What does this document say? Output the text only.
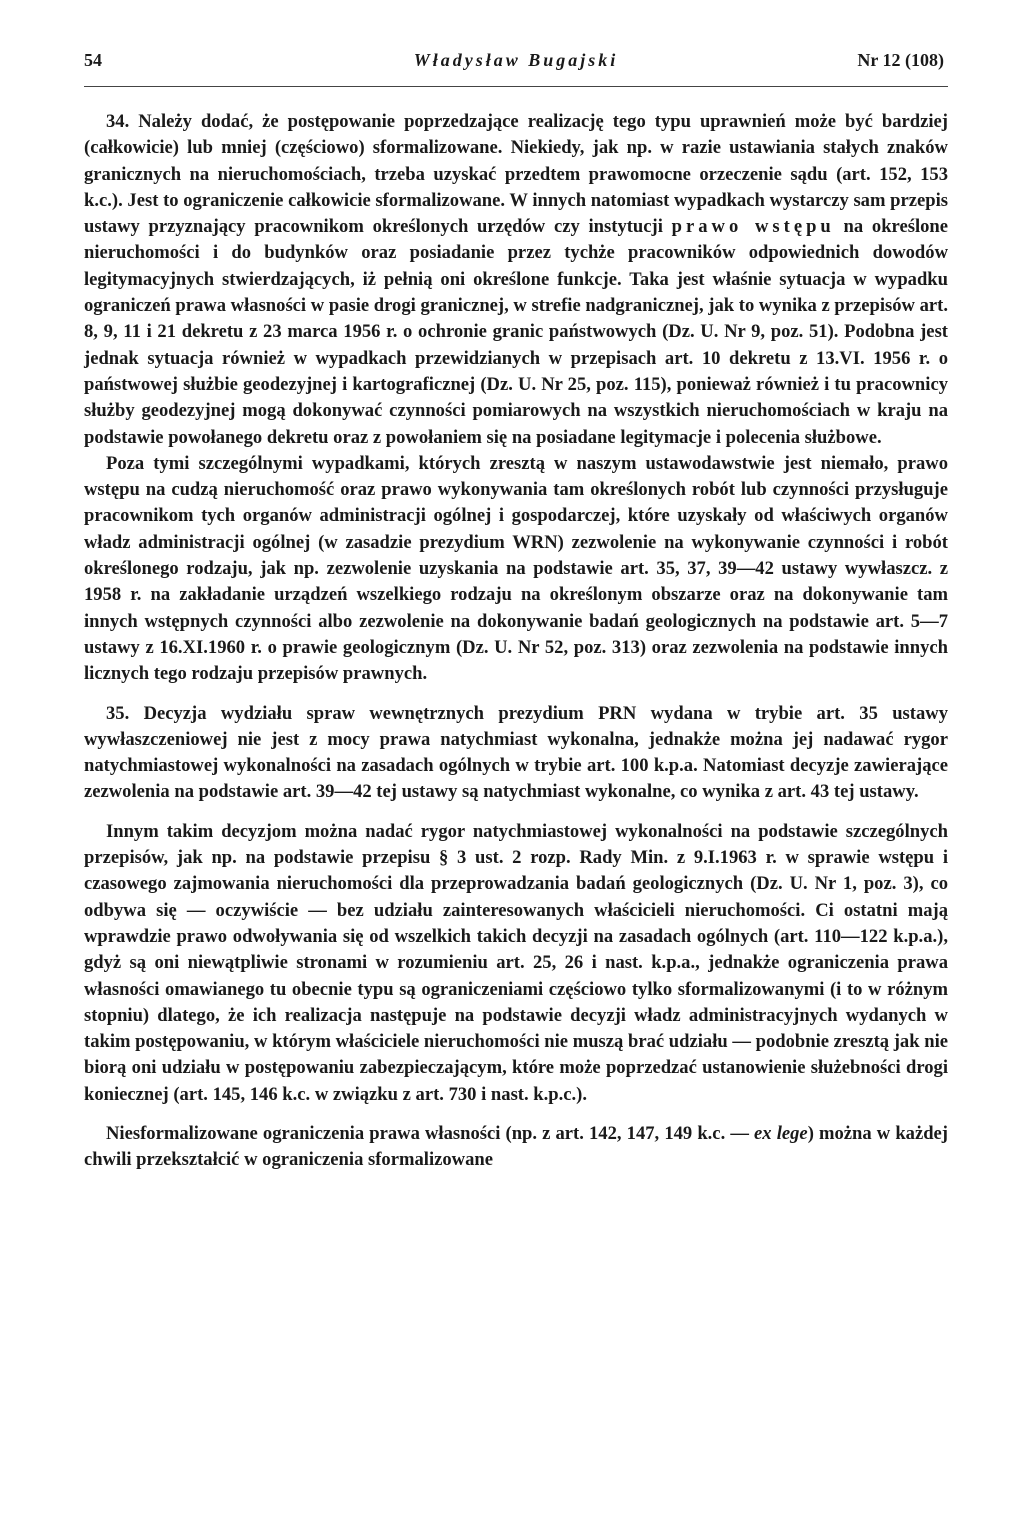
54	Władysław Bugajski	Nr 12 (108)

34. Należy dodać, że postępowanie poprzedzające realizację tego typu uprawnień może być bardziej (całkowicie) lub mniej (częściowo) sformalizowane. Niekiedy, jak np. w razie ustawiania stałych znaków granicznych na nieruchomościach, trzeba uzyskać przedtem prawomocne orzeczenie sądu (art. 152, 153 k.c.). Jest to ograniczenie całkowicie sformalizowane. W innych natomiast wypadkach wystarczy sam przepis ustawy przyznający pracownikom określonych urzędów czy instytucji prawo wstępu na określone nieruchomości i do budynków oraz posiadanie przez tychże pracowników odpowiednich dowodów legitymacyjnych stwierdzających, iż pełnią oni określone funkcje. Taka jest właśnie sytuacja w wypadku ograniczeń prawa własności w pasie drogi granicznej, w strefie nadgranicznej, jak to wynika z przepisów art. 8, 9, 11 i 21 dekretu z 23 marca 1956 r. o ochronie granic państwowych (Dz. U. Nr 9, poz. 51). Podobna jest jednak sytuacja również w wypadkach przewidzianych w przepisach art. 10 dekretu z 13.VI. 1956 r. o państwowej służbie geodezyjnej i kartograficznej (Dz. U. Nr 25, poz. 115), ponieważ również i tu pracownicy służby geodezyjnej mogą dokonywać czynności pomiarowych na wszystkich nieruchomościach w kraju na podstawie powołanego dekretu oraz z powołaniem się na posiadane legitymacje i polecenia służbowe.

Poza tymi szczególnymi wypadkami, których zresztą w naszym ustawodawstwie jest niemało, prawo wstępu na cudzą nieruchomość oraz prawo wykonywania tam określonych robót lub czynności przysługuje pracownikom tych organów administracji ogólnej i gospodarczej, które uzyskały od właściwych organów władz administracji ogólnej (w zasadzie prezydium WRN) zezwolenie na wykonywanie czynności i robót określonego rodzaju, jak np. zezwolenie uzyskania na podstawie art. 35, 37, 39—42 ustawy wywłaszcz. z 1958 r. na zakładanie urządzeń wszelkiego rodzaju na określonym obszarze oraz na dokonywanie tam innych wstępnych czynności albo zezwolenie na dokonywanie badań geologicznych na podstawie art. 5—7 ustawy z 16.XI.1960 r. o prawie geologicznym (Dz. U. Nr 52, poz. 313) oraz zezwolenia na podstawie innych licznych tego rodzaju przepisów prawnych.

35. Decyzja wydziału spraw wewnętrznych prezydium PRN wydana w trybie art. 35 ustawy wywłaszczeniowej nie jest z mocy prawa natychmiast wykonalna, jednakże można jej nadawać rygor natychmiastowej wykonalności na zasadach ogólnych w trybie art. 100 k.p.a. Natomiast decyzje zawierające zezwolenia na podstawie art. 39—42 tej ustawy są natychmiast wykonalne, co wynika z art. 43 tej ustawy.

Innym takim decyzjom można nadać rygor natychmiastowej wykonalności na podstawie szczególnych przepisów, jak np. na podstawie przepisu § 3 ust. 2 rozp. Rady Min. z 9.I.1963 r. w sprawie wstępu i czasowego zajmowania nieruchomości dla przeprowadzania badań geologicznych (Dz. U. Nr 1, poz. 3), co odbywa się — oczywiście — bez udziału zainteresowanych właścicieli nieruchomości. Ci ostatni mają wprawdzie prawo odwoływania się od wszelkich takich decyzji na zasadach ogólnych (art. 110—122 k.p.a.), gdyż są oni niewątpliwie stronami w rozumieniu art. 25, 26 i nast. k.p.a., jednakże ograniczenia prawa własności omawianego tu obecnie typu są ograniczeniami częściowo tylko sformalizowanymi (i to w różnym stopniu) dlatego, że ich realizacja następuje na podstawie decyzji władz administracyjnych wydanych w takim postępowaniu, w którym właściciele nieruchomości nie muszą brać udziału — podobnie zresztą jak nie biorą oni udziału w postępowaniu zabezpieczającym, które może poprzedzać ustanowienie służebności drogi koniecznej (art. 145, 146 k.c. w związku z art. 730 i nast. k.p.c.).

Niesformalizowane ograniczenia prawa własności (np. z art. 142, 147, 149 k.c. — ex lege) można w każdej chwili przekształcić w ograniczenia sformalizowane
